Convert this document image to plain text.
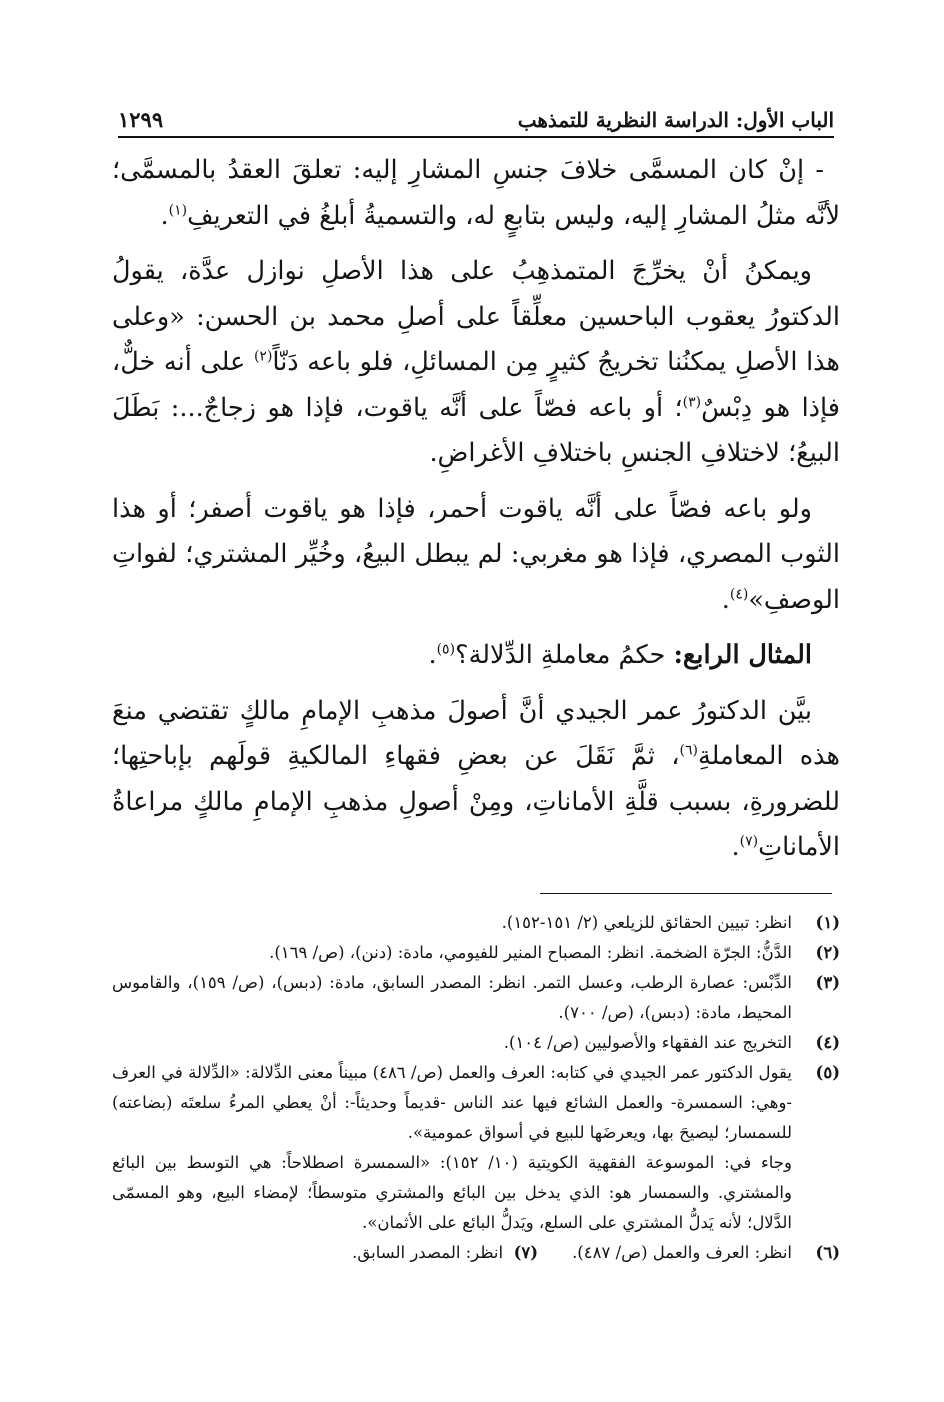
الباب الأول: الدراسة النظرية للتمذهب
١٢٩٩

- إنْ كان المسمَّى خلافَ جنسِ المشارِ إليه: تعلقَ العقدُ بالمسمَّى؛ لأنَّه مثلُ المشارِ إليه، وليس بتابعٍ له، والتسميةُ أبلغُ في التعريفِ$^{(١)}$.

ويمكنُ أنْ يخرِّجَ المتمذهِبُ على هذا الأصلِ نوازل عدَّة، يقولُ الدكتورُ يعقوب الباحسين معلِّقاً على أصلِ محمد بن الحسن: «وعلى هذا الأصلِ يمكنُنا تخريجُ كثيرٍ مِن المسائلِ، فلو باعه دَنّاً$^{(٢)}$ على أنه خلٌّ، فإذا هو دِبْسٌ$^{(٣)}$؛ أو باعه فصّاً على أنَّه ياقوت، فإذا هو زجاجٌ...: بَطَلَ البيعُ؛ لاختلافِ الجنسِ باختلافِ الأغراضِ.

ولو باعه فصّاً على أنَّه ياقوت أحمر، فإذا هو ياقوت أصفر؛ أو هذا الثوب المصري، فإذا هو مغربي: لم يبطل البيعُ، وخُيِّر المشتري؛ لفواتِ الوصفِ»$^{(٤)}$.

المثال الرابع: حكمُ معاملةِ الدِّلالة؟$^{(٥)}$.

بيَّن الدكتورُ عمر الجيدي أنَّ أصولَ مذهبِ الإمامِ مالكٍ تقتضي منعَ هذه المعاملةِ$^{(٦)}$، ثمَّ نَقَلَ عن بعضِ فقهاءِ المالكيةِ قولَهم بإباحتِها؛ للضرورةِ، بسبب قلَّةِ الأماناتِ، ومِنْ أصولِ مذهبِ الإمامِ مالكٍ مراعاةُ الأماناتِ$^{(٧)}$.

(١)
انظر: تبيين الحقائق للزيلعي (٢/ ١٥١-١٥٢).
(٢)
الدَّنُّ: الجرّة الضخمة. انظر: المصباح المنير للفيومي، مادة: (دنن)، (ص/ ١٦٩).
(٣)
الدِّبْس: عصارة الرطب، وعسل التمر. انظر: المصدر السابق، مادة: (دبس)، (ص/ ١٥٩)، والقاموس المحيط، مادة: (دبس)، (ص/ ٧٠٠).
(٤)
التخريج عند الفقهاء والأصوليين (ص/ ١٠٤).
(٥)
يقول الدكتور عمر الجيدي في كتابه: العرف والعمل (ص/ ٤٨٦) مبيناً معنى الدِّلالة: «الدِّلالة في العرف -وهي: السمسرة- والعمل الشائع فيها عند الناس -قديماً وحديثاً-: أنْ يعطي المرءُ سلعتَه (بضاعته) للسمسار؛ ليصيحَ بها، ويعرضَها للبيع في أسواق عمومية».
وجاء في: الموسوعة الفقهية الكويتية (١٠/ ١٥٢): «السمسرة اصطلاحاً: هي التوسط بين البائع والمشتري. والسمسار هو: الذي يدخل بين البائع والمشتري متوسطاً؛ لإمضاء البيع، وهو المسمّى الدَّلال؛ لأنه يَدلُّ المشتري على السلع، ويَدلُّ البائع على الأثمان».
(٦)
انظر: العرف والعمل (ص/ ٤٨٧).(٧)  انظر: المصدر السابق.
